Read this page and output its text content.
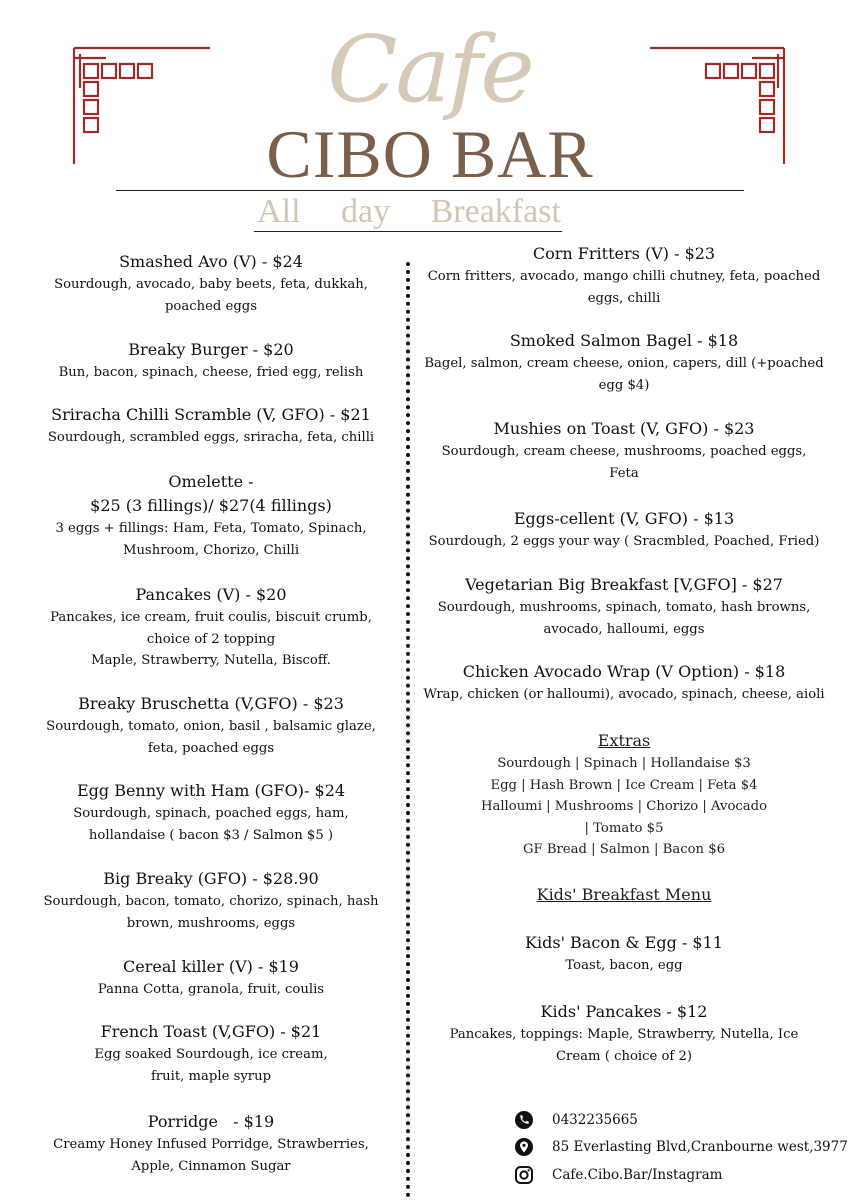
Cafe
CIBO BAR
All day Breakfast
Smashed Avo (V) - $24
Sourdough, avocado, baby beets, feta, dukkah,
poached eggs
Breaky Burger - $20
Bun, bacon, spinach, cheese, fried egg, relish
Sriracha Chilli Scramble (V, GFO) - $21
Sourdough, scrambled eggs, sriracha, feta, chilli
Omelette -
$25 (3 fillings)/ $27(4 fillings)
3 eggs + fillings: Ham, Feta, Tomato, Spinach,
Mushroom, Chorizo, Chilli
Pancakes (V) - $20
Pancakes, ice cream, fruit coulis, biscuit crumb,
choice of 2 topping
Maple, Strawberry, Nutella, Biscoff.
Breaky Bruschetta (V,GFO) - $23
Sourdough, tomato, onion, basil , balsamic glaze,
feta, poached eggs
Egg Benny with Ham (GFO)- $24
Sourdough, spinach, poached eggs, ham,
hollandaise ( bacon $3 / Salmon $5 )
Big Breaky (GFO) - $28.90
Sourdough, bacon, tomato, chorizo, spinach, hash
brown, mushrooms, eggs
Cereal killer (V) - $19
Panna Cotta, granola, fruit, coulis
French Toast (V,GFO) - $21
Egg soaked Sourdough, ice cream,
fruit, maple syrup
Porridge   - $19
Creamy Honey Infused Porridge, Strawberries,
Apple, Cinnamon Sugar
Corn Fritters (V) - $23
Corn fritters, avocado, mango chilli chutney, feta, poached
eggs, chilli
Smoked Salmon Bagel - $18
Bagel, salmon, cream cheese, onion, capers, dill (+poached
egg $4)
Mushies on Toast (V, GFO) - $23
Sourdough, cream cheese, mushrooms, poached eggs,
Feta
Eggs-cellent (V, GFO) - $13
Sourdough, 2 eggs your way ( Sracmbled, Poached, Fried)
Vegetarian Big Breakfast [V,GFO] - $27
Sourdough, mushrooms, spinach, tomato, hash browns,
avocado, halloumi, eggs
Chicken Avocado Wrap (V Option) - $18
Wrap, chicken (or halloumi), avocado, spinach, cheese, aioli
Extras
Sourdough | Spinach | Hollandaise $3
Egg | Hash Brown | Ice Cream | Feta $4
Halloumi | Mushrooms | Chorizo | Avocado
| Tomato $5
GF Bread | Salmon | Bacon $6
Kids' Breakfast Menu
Kids' Bacon & Egg - $11
Toast, bacon, egg
Kids' Pancakes - $12
Pancakes, toppings: Maple, Strawberry, Nutella, Ice
Cream ( choice of 2)
0432235665
85 Everlasting Blvd,Cranbourne west,3977
Cafe.Cibo.Bar/Instagram
